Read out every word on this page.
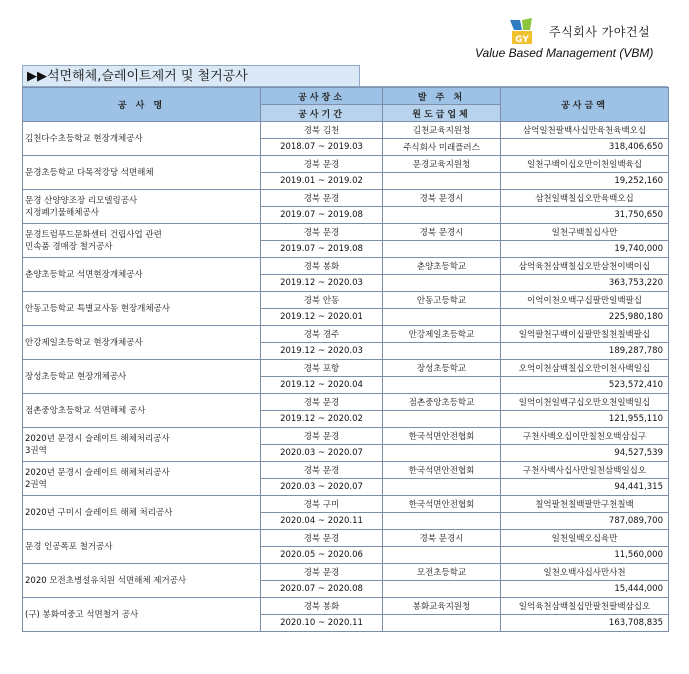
GY
주식회사 가야건설
Value Based Management (VBM)
▶▶석면해체,슬레이트제거 및 철거공사
공 사 명	공사장소	발 주 처	공사금액
	공사기간	원도급업체	
김천다수초등학교 현장개체공사	경북 김천	김천교육지원청	삼억일천팔백사십만육천육백오십
	2018.07 ~ 2019.03	주식회사 미래플러스	318,406,650
문경초등학교 다목적강당 석면해체	경북 문경	문경교육지원청	일천구백이십오만이천일백육십
	2019.01 ~ 2019.02		19,252,160
문경 산양양조장 리모델링공사
지정폐기물해체공사	경북 문경	경북 문경시	삼천일백칠십오만육백오십
	2019.07 ~ 2019.08		31,750,650
문경트럼푸드문화센터 건립사업 관련
민속품 경매장 철거공사	경북 문경	경북 문경시	일천구백칠십사만
	2019.07 ~ 2019.08		19,740,000
춘양초등학교 석면현장개체공사	경북 봉화	춘양초등학교	삼억육천삼백칠십오만삼천이백이십
	2019.12 ~ 2020.03		363,753,220
안동고등학교 특별교사동 현장개체공사	경북 안동	안동고등학교	이억이천오백구십팔만일백팔십
	2019.12 ~ 2020.01		225,980,180
안강제일초등학교 현장개체공사	경북 경주	안강제일초등학교	일억팔천구백이십팔만칠천칠백팔십
	2019.12 ~ 2020.03		189,287,780
장성초등학교 현장개체공사	경북 포항	장성초등학교	오억이천삼백칠십오만이천사백일십
	2019.12 ~ 2020.04		523,572,410
점촌중앙초등학교 석면해체 공사	경북 문경	점촌중앙초등학교	일억이천일백구십오만오천일백일십
	2019.12 ~ 2020.02		121,955,110
2020년 문경시 슬레이트 해체처리공사
3권역	경북 문경	한국석면안전협회	구천사백오십이만칠천오백삼십구
	2020.03 ~ 2020.07		94,527,539
2020년 문경시 슬레이트 해체처리공사
2권역	경북 문경	한국석면안전협회	구천사백사십사만일천삼백일십오
	2020.03 ~ 2020.07		94,441,315
2020년 구미시 슬레이트 해체 처리공사	경북 구미	한국석면안전협회	칠억팔천칠백팔만구천칠백
	2020.04 ~ 2020.11		787,089,700
문경 인공폭포 철거공사	경북 문경	경북 문경시	일천일백오십육만
	2020.05 ~ 2020.06		11,560,000
2020 모전초병설유치원 석면해체 제거공사	경북 문경	모전초등학교	일천오백사십사만사천
	2020.07 ~ 2020.08		15,444,000
(구) 봉화여중고 석면철거 공사	경북 봉화	봉화교육지원청	일억육천삼백칠십만팔천팔백삼십오
	2020.10 ~ 2020.11		163,708,835
